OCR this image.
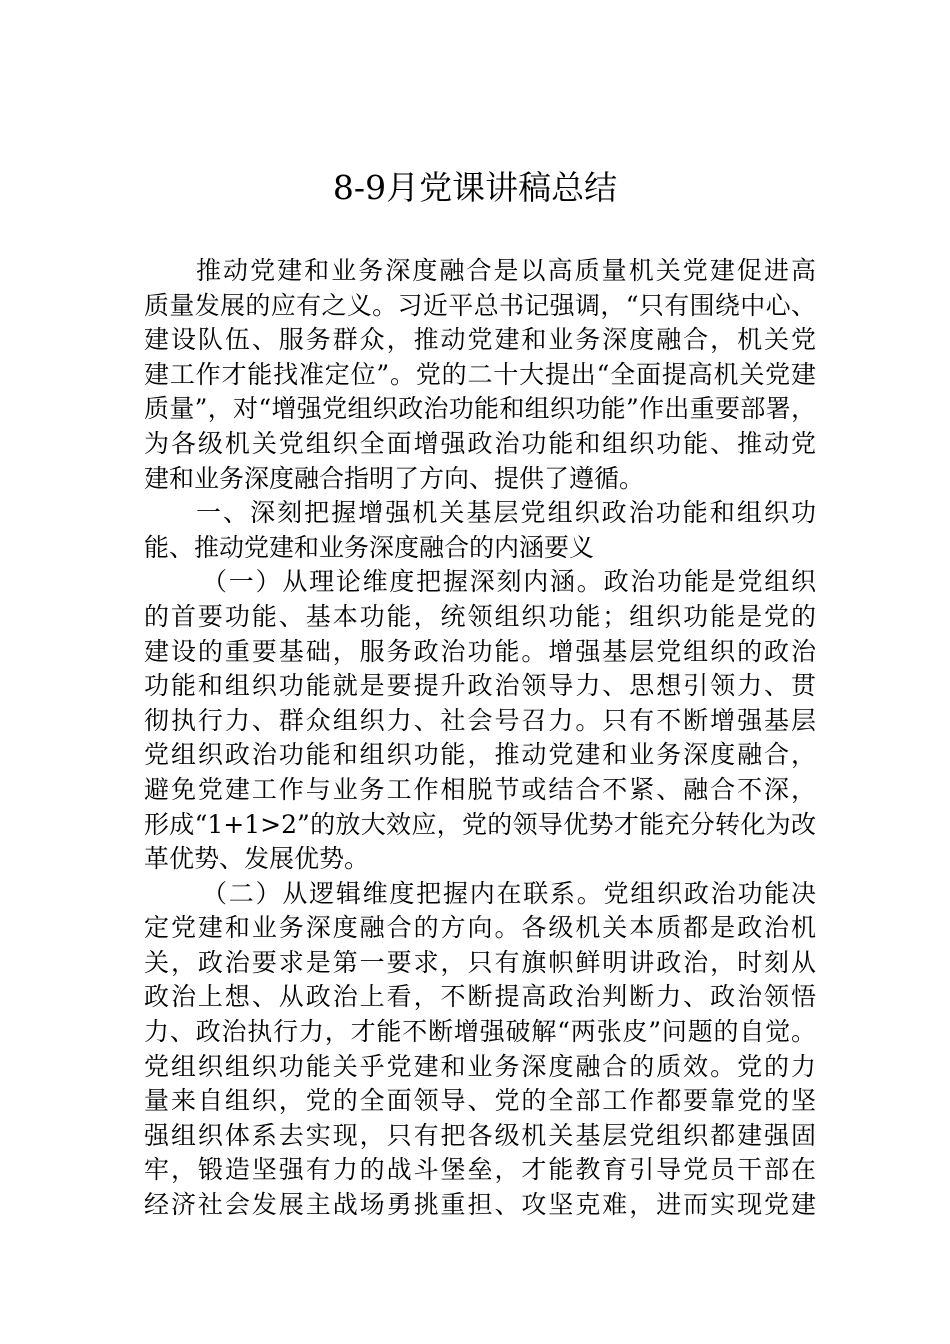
8-9月党课讲稿总结

推动党建和业务深度融合是以高质量机关党建促进高

质量发展的应有之义。习近平总书记强调，“只有围绕中心、

建设队伍、服务群众，推动党建和业务深度融合，机关党

建工作才能找准定位”。党的二十大提出“全面提高机关党建

质量”，对“增强党组织政治功能和组织功能”作出重要部署，

为各级机关党组织全面增强政治功能和组织功能、推动党

建和业务深度融合指明了方向、提供了遵循。

一、深刻把握增强机关基层党组织政治功能和组织功

能、推动党建和业务深度融合的内涵要义

（一）从理论维度把握深刻内涵。政治功能是党组织

的首要功能、基本功能，统领组织功能；组织功能是党的

建设的重要基础，服务政治功能。增强基层党组织的政治

功能和组织功能就是要提升政治领导力、思想引领力、贯

彻执行力、群众组织力、社会号召力。只有不断增强基层

党组织政治功能和组织功能，推动党建和业务深度融合，

避免党建工作与业务工作相脱节或结合不紧、融合不深，

形成“1+1>2”的放大效应，党的领导优势才能充分转化为改

革优势、发展优势。

（二）从逻辑维度把握内在联系。党组织政治功能决

定党建和业务深度融合的方向。各级机关本质都是政治机

关，政治要求是第一要求，只有旗帜鲜明讲政治，时刻从

政治上想、从政治上看，不断提高政治判断力、政治领悟

力、政治执行力，才能不断增强破解“两张皮”问题的自觉。

党组织组织功能关乎党建和业务深度融合的质效。党的力

量来自组织，党的全面领导、党的全部工作都要靠党的坚

强组织体系去实现，只有把各级机关基层党组织都建强固

牢，锻造坚强有力的战斗堡垒，才能教育引导党员干部在

经济社会发展主战场勇挑重担、攻坚克难，进而实现党建
